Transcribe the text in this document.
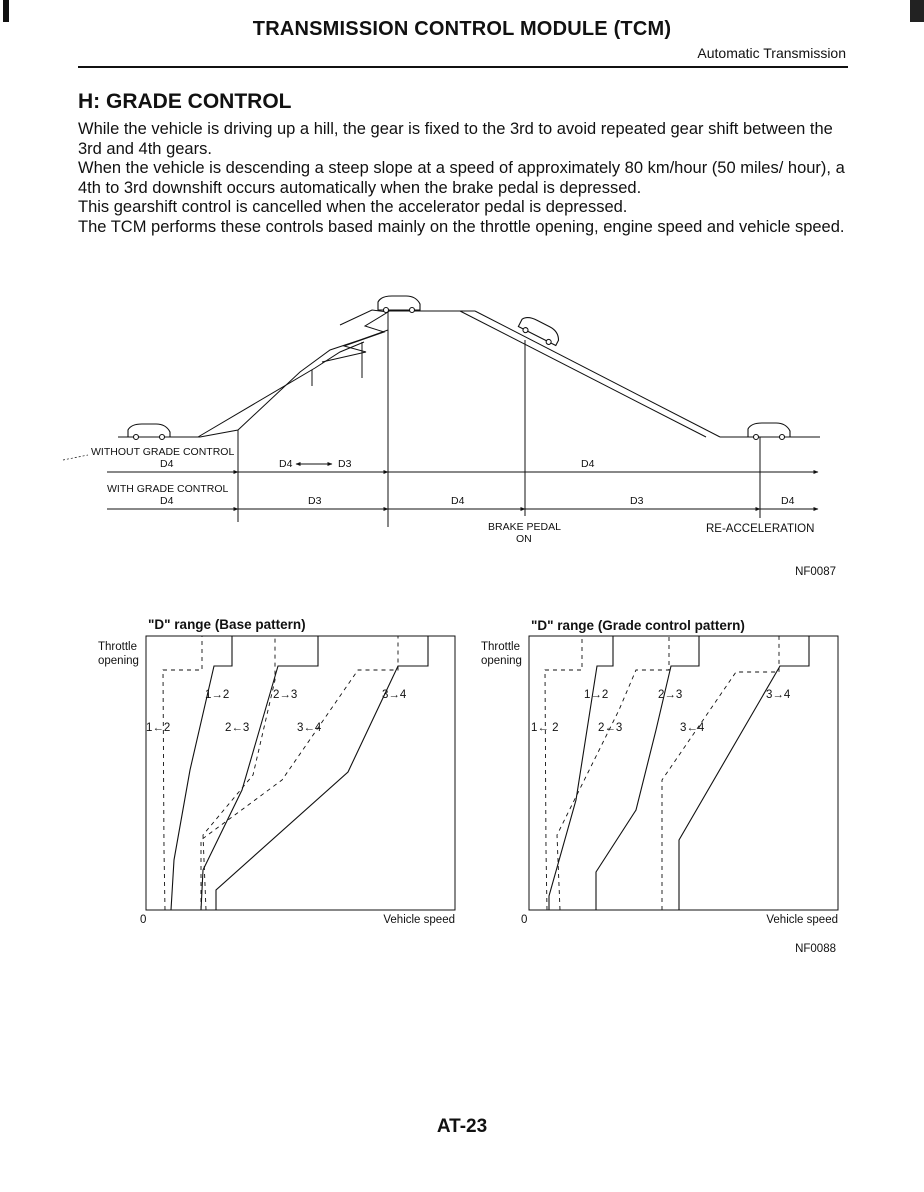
TRANSMISSION CONTROL MODULE (TCM)
Automatic Transmission
H: GRADE CONTROL

While the vehicle is driving up a hill, the gear is fixed to the 3rd to avoid repeated gear shift between the 3rd and 4th gears.

When the vehicle is descending a steep slope at a speed of approximately 80 km/hour (50 miles/ hour), a 4th to 3rd downshift occurs automatically when the brake pedal is depressed.

This gearshift control is cancelled when the accelerator pedal is depressed.

The TCM performs these controls based mainly on the throttle opening, engine speed and vehicle speed.

WITHOUT GRADE CONTROL
D4	D4	D3	D4
WITH GRADE CONTROL
D4	D3	D4	D3	D4
BRAKE PEDAL
ON
RE-ACCELERATION
NF0087
"D" range (Base pattern)
Throttle
opening
0	Vehicle speed
1→2	2→3	3→4
1←2	2←3	3←4
"D" range (Grade control pattern)
Throttle
opening
0	Vehicle speed
1→2	2→3	3→4
1← 2	2←3	3←4
NF0088
AT-23
